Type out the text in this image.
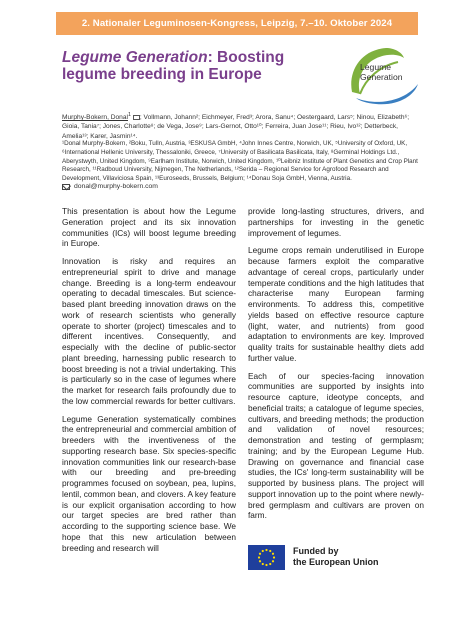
2. Nationaler Leguminosen-Kongress, Leipzig, 7.–10. Oktober 2024
Legume Generation: Boosting legume breeding in Europe	Legume
Generation
Murphy-Bokern, Donal$^1$ ; Vollmann, Johann²; Eichmeyer, Fred³; Arora, Sanu⁴; Oestergaard, Lars⁵; Ninou, Elizabeth⁶; Gioia, Tania⁷; Jones, Charlotte⁸; de Vega, Jose⁹; Lars-Gernot, Otto¹⁰; Ferreira, Juan Jose¹¹; Rieu, Ivo¹²; Detterbeck, Amelia¹³; Karer, Jasmin¹⁴.
¹Donal Murphy-Bokern, ²Boku, Tulln, Austria, ³ESKUSA GmbH, ⁴John Innes Centre, Norwich, UK, ⁵University of Oxford, UK, ⁶International Hellenic University, Thessaloniki, Greece, ⁷University of Basilicata Basilicata, Italy, ⁸Germinal Holdings Ltd., Aberystwyth, United Kingdom, ⁹Earlham Institute, Norwich, United Kingdom, ¹⁰Leibniz Institute of Plant Genetics and Crop Plant Research, ¹¹Radboud University, Nijmegen, The Netherlands, ¹²Serida – Regional Service for Agrofood Research and Development, Villaviciosa Spain, ¹³Euroseeds, Brussels, Belgium; ¹⁴Donau Soja GmbH, Vienna, Austria.
donal@murphy-bokern.com

This presentation is about how the Legume Generation project and its six innovation communities (ICs) will boost legume breeding in Europe.

Innovation is risky and requires an entrepreneurial spirit to drive and manage change. Breeding is a long-term endeavour operating to decadal timescales. But science-based plant breeding innovation draws on the work of research scientists who generally operate to shorter (project) timescales and to different incentives. Consequently, and especially with the decline of public-sector plant breeding, harnessing public research to boost breeding is not a trivial undertaking. This is particularly so in the case of legumes where the market for research fails profoundly due to the low commercial rewards for better cultivars.

Legume Generation systematically combines the entrepreneurial and commercial ambition of breeders with the inventiveness of the supporting research base. Six species-specific innovation communities link our research-base with our breeding and pre-breeding programmes focused on soybean, pea, lupins, lentil, common bean, and clovers. A key feature is our explicit organisation according to how our target species are bred rather than according to the supporting science base. We hope that this new articulation between breeding and research will

provide long-lasting structures, drivers, and partnerships for investing in the genetic improvement of legumes.

Legume crops remain underutilised in Europe because farmers exploit the comparative advantage of cereal crops, particularly under temperate conditions and the high latitudes that characterise many European farming environments. To address this, competitive yields based on effective resource capture (light, water, and nutrients) from good adaptation to environments are key. Improved quality traits for sustainable healthy diets add further value.

Each of our species-facing innovation communities are supported by insights into resource capture, ideotype concepts, and beneficial traits; a catalogue of legume species, cultivars, and breeding methods; the production and validation of novel resources; demonstration and testing of germplasm; training; and by the European Legume Hub. Drawing on governance and financial case studies, the ICs' long-term sustainability will be supported by business plans. The project will support innovation up to the point where newly-bred germplasm and cultivars are proven on farm.

Funded by
the European Union
